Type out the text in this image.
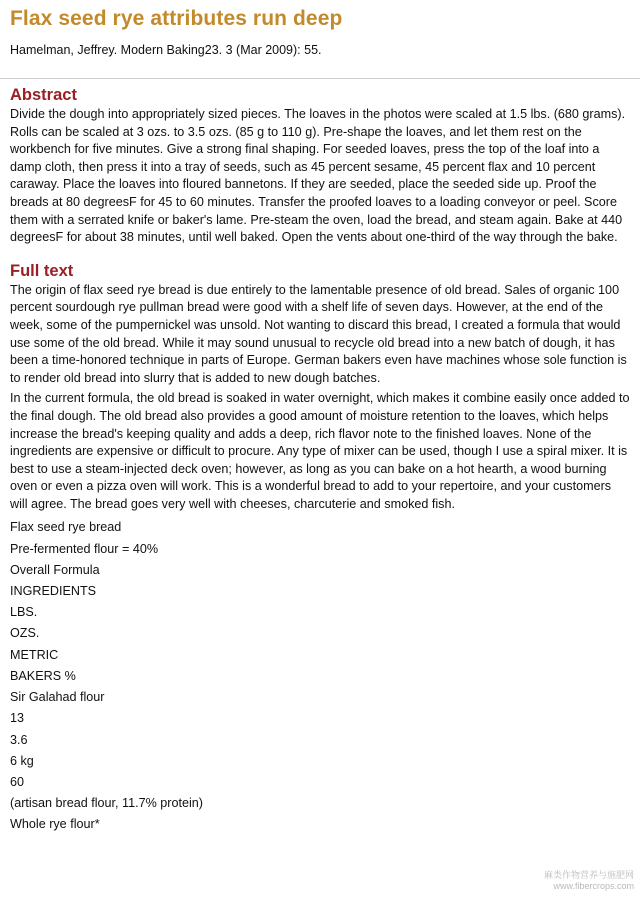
Flax seed rye attributes run deep
Hamelman, Jeffrey. Modern Baking23. 3 (Mar 2009): 55.
Abstract

Divide the dough into appropriately sized pieces. The loaves in the photos were scaled at 1.5 lbs. (680 grams). Rolls can be scaled at 3 ozs. to 3.5 ozs. (85 g to 110 g). Pre-shape the loaves, and let them rest on the workbench for five minutes. Give a strong final shaping. For seeded loaves, press the top of the loaf into a damp cloth, then press it into a tray of seeds, such as 45 percent sesame, 45 percent flax and 10 percent caraway. Place the loaves into floured bannetons. If they are seeded, place the seeded side up. Proof the breads at 80 degreesF for 45 to 60 minutes. Transfer the proofed loaves to a loading conveyor or peel. Score them with a serrated knife or baker's lame. Pre-steam the oven, load the bread, and steam again. Bake at 440 degreesF for about 38 minutes, until well baked. Open the vents about one-third of the way through the bake.

Full text

The origin of flax seed rye bread is due entirely to the lamentable presence of old bread. Sales of organic 100 percent sourdough rye pullman bread were good with a shelf life of seven days. However, at the end of the week, some of the pumpernickel was unsold. Not wanting to discard this bread, I created a formula that would use some of the old bread. While it may sound unusual to recycle old bread into a new batch of dough, it has been a time-honored technique in parts of Europe. German bakers even have machines whose sole function is to render old bread into slurry that is added to new dough batches.

In the current formula, the old bread is soaked in water overnight, which makes it combine easily once added to the final dough. The old bread also provides a good amount of moisture retention to the loaves, which helps increase the bread's keeping quality and adds a deep, rich flavor note to the finished loaves. None of the ingredients are expensive or difficult to procure. Any type of mixer can be used, though I use a spiral mixer. It is best to use a steam-injected deck oven; however, as long as you can bake on a hot hearth, a wood burning oven or even a pizza oven will work. This is a wonderful bread to add to your repertoire, and your customers will agree. The bread goes very well with cheeses, charcuterie and smoked fish.

Flax seed rye bread
Pre-fermented flour = 40%
Overall Formula
INGREDIENTS
LBS.
OZS.
METRIC
BAKERS %
Sir Galahad flour
13
3.6
6 kg
60
(artisan bread flour, 11.7% protein)
Whole rye flour*
麻类作物营养与施肥网
www.fibercrops.com
